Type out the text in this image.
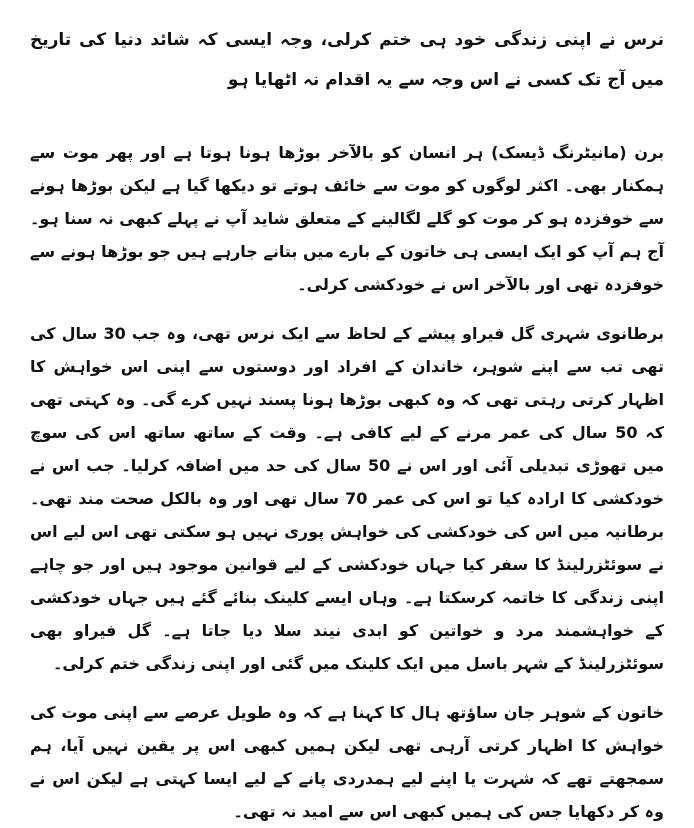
نرس نے اپنی زندگی خود ہی ختم کرلی، وجہ ایسی کہ شائد دنیا کی تاریخ میں آج تک کسی نے اس وجہ سے یہ اقدام نہ اٹھایا ہو

برن (مانیٹرنگ ڈیسک) ہر انسان کو بالآخر بوڑھا ہونا ہوتا ہے اور پھر موت سے ہمکنار بھی۔ اکثر لوگوں کو موت سے خائف ہوتے تو دیکھا گیا ہے لیکن بوڑھا ہونے سے خوفزدہ ہو کر موت کو گلے لگالینے کے متعلق شاید آپ نے پہلے کبھی نہ سنا ہو۔ آج ہم آپ کو ایک ایسی ہی خاتون کے بارے میں بتانے جارہے ہیں جو بوڑھا ہونے سے خوفزدہ تھی اور بالآخر اس نے خودکشی کرلی۔

برطانوی شہری گل فیراو پیشے کے لحاظ سے ایک نرس تھی، وہ جب 30 سال کی تھی تب سے اپنے شوہر، خاندان کے افراد اور دوستوں سے اپنی اس خواہش کا اظہار کرتی رہتی تھی کہ وہ کبھی بوڑھا ہونا پسند نہیں کرے گی۔ وہ کہتی تھی کہ 50 سال کی عمر مرنے کے لیے کافی ہے۔ وقت کے ساتھ ساتھ اس کی سوچ میں تھوڑی تبدیلی آئی اور اس نے 50 سال کی حد میں اضافہ کرلیا۔ جب اس نے خودکشی کا ارادہ کیا تو اس کی عمر 70 سال تھی اور وہ بالکل صحت مند تھی۔ برطانیہ میں اس کی خودکشی کی خواہش پوری نہیں ہو سکتی تھی اس لیے اس نے سوئٹزرلینڈ کا سفر کیا جہاں خودکشی کے لیے قوانین موجود ہیں اور جو چاہے اپنی زندگی کا خاتمہ کرسکتا ہے۔ وہاں ایسے کلینک بنائے گئے ہیں جہاں خودکشی کے خواہشمند مرد و خواتین کو ابدی نیند سلا دیا جاتا ہے۔ گل فیراو بھی سوئٹزرلینڈ کے شہر باسل میں ایک کلینک میں گئی اور اپنی زندگی ختم کرلی۔

خاتون کے شوہر جان ساؤتھ ہال کا کہنا ہے کہ وہ طویل عرصے سے اپنی موت کی خواہش کا اظہار کرتی آرہی تھی لیکن ہمیں کبھی اس پر یقین نہیں آیا، ہم سمجھتے تھے کہ شہرت یا اپنے لیے ہمدردی پانے کے لیے ایسا کہتی ہے لیکن اس نے وہ کر دکھایا جس کی ہمیں کبھی اس سے امید نہ تھی۔
